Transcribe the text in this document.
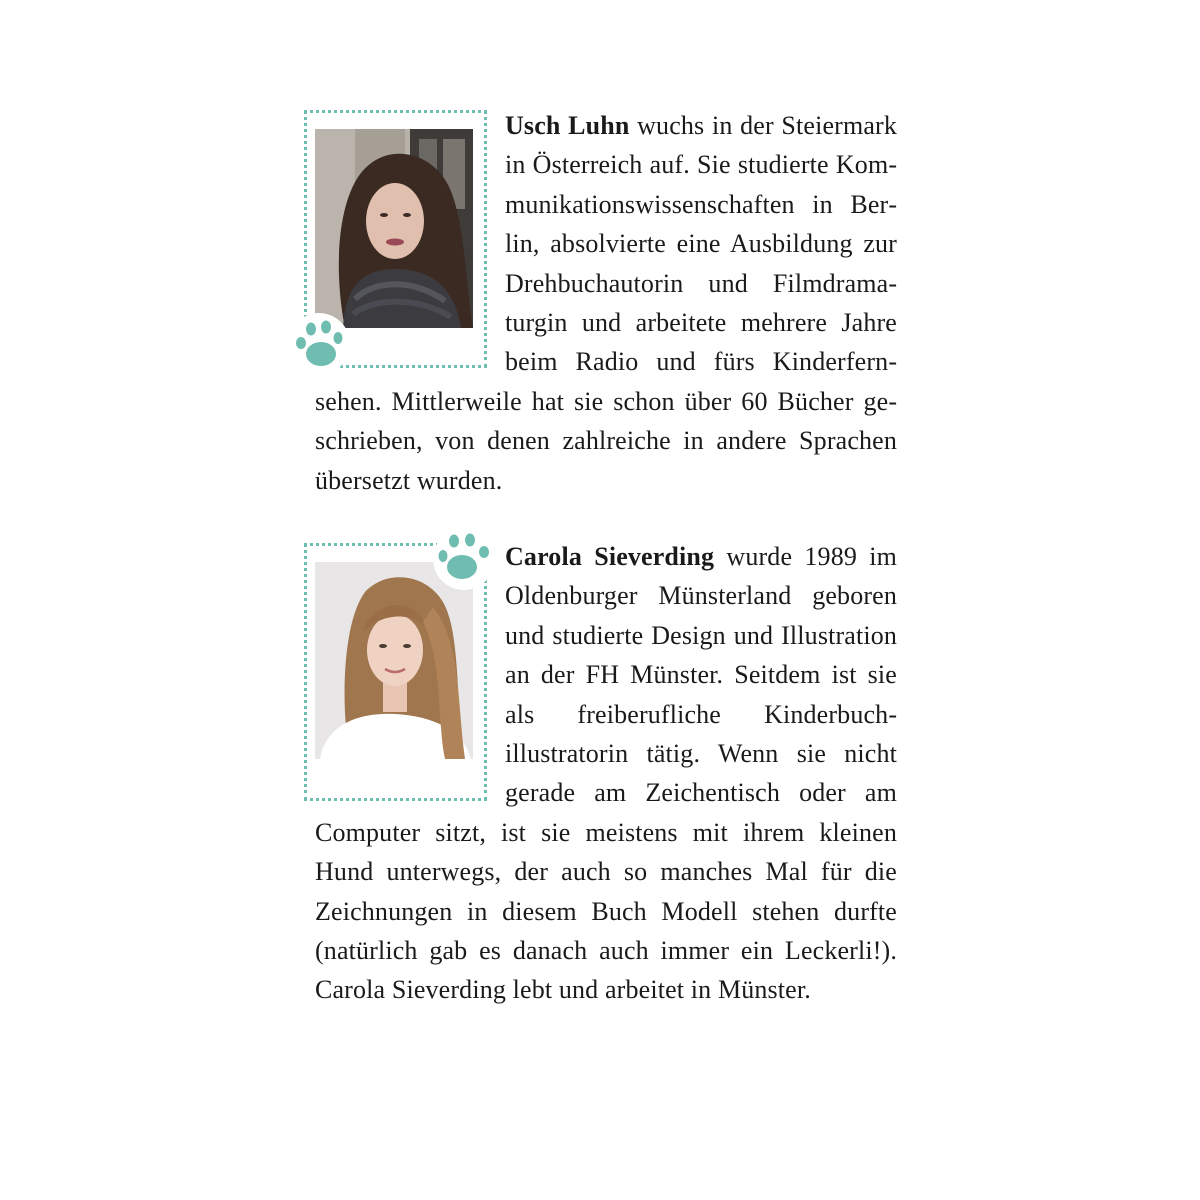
Usch Luhn wuchs in der Steiermark in Österreich auf. Sie studierte Kommunikationswissenschaften in Berlin, absolvierte eine Ausbildung zur Drehbuchautorin und Filmdramaturgin und arbeitete mehrere Jahre beim Radio und fürs Kinderfernsehen. Mittlerweile hat sie schon über 60 Bücher geschrieben, von denen zahlreiche in andere Sprachen übersetzt wurden.

Carola Sieverding wurde 1989 im Oldenburger Münsterland geboren und studierte Design und Illustration an der FH Münster. Seitdem ist sie als freiberufliche Kinderbuchillustratorin tätig. Wenn sie nicht gerade am Zeichentisch oder am Computer sitzt, ist sie meistens mit ihrem kleinen Hund unterwegs, der auch so manches Mal für die Zeichnungen in diesem Buch Modell stehen durfte (natürlich gab es danach auch immer ein Leckerli!). Carola Sieverding lebt und arbeitet in Münster.
